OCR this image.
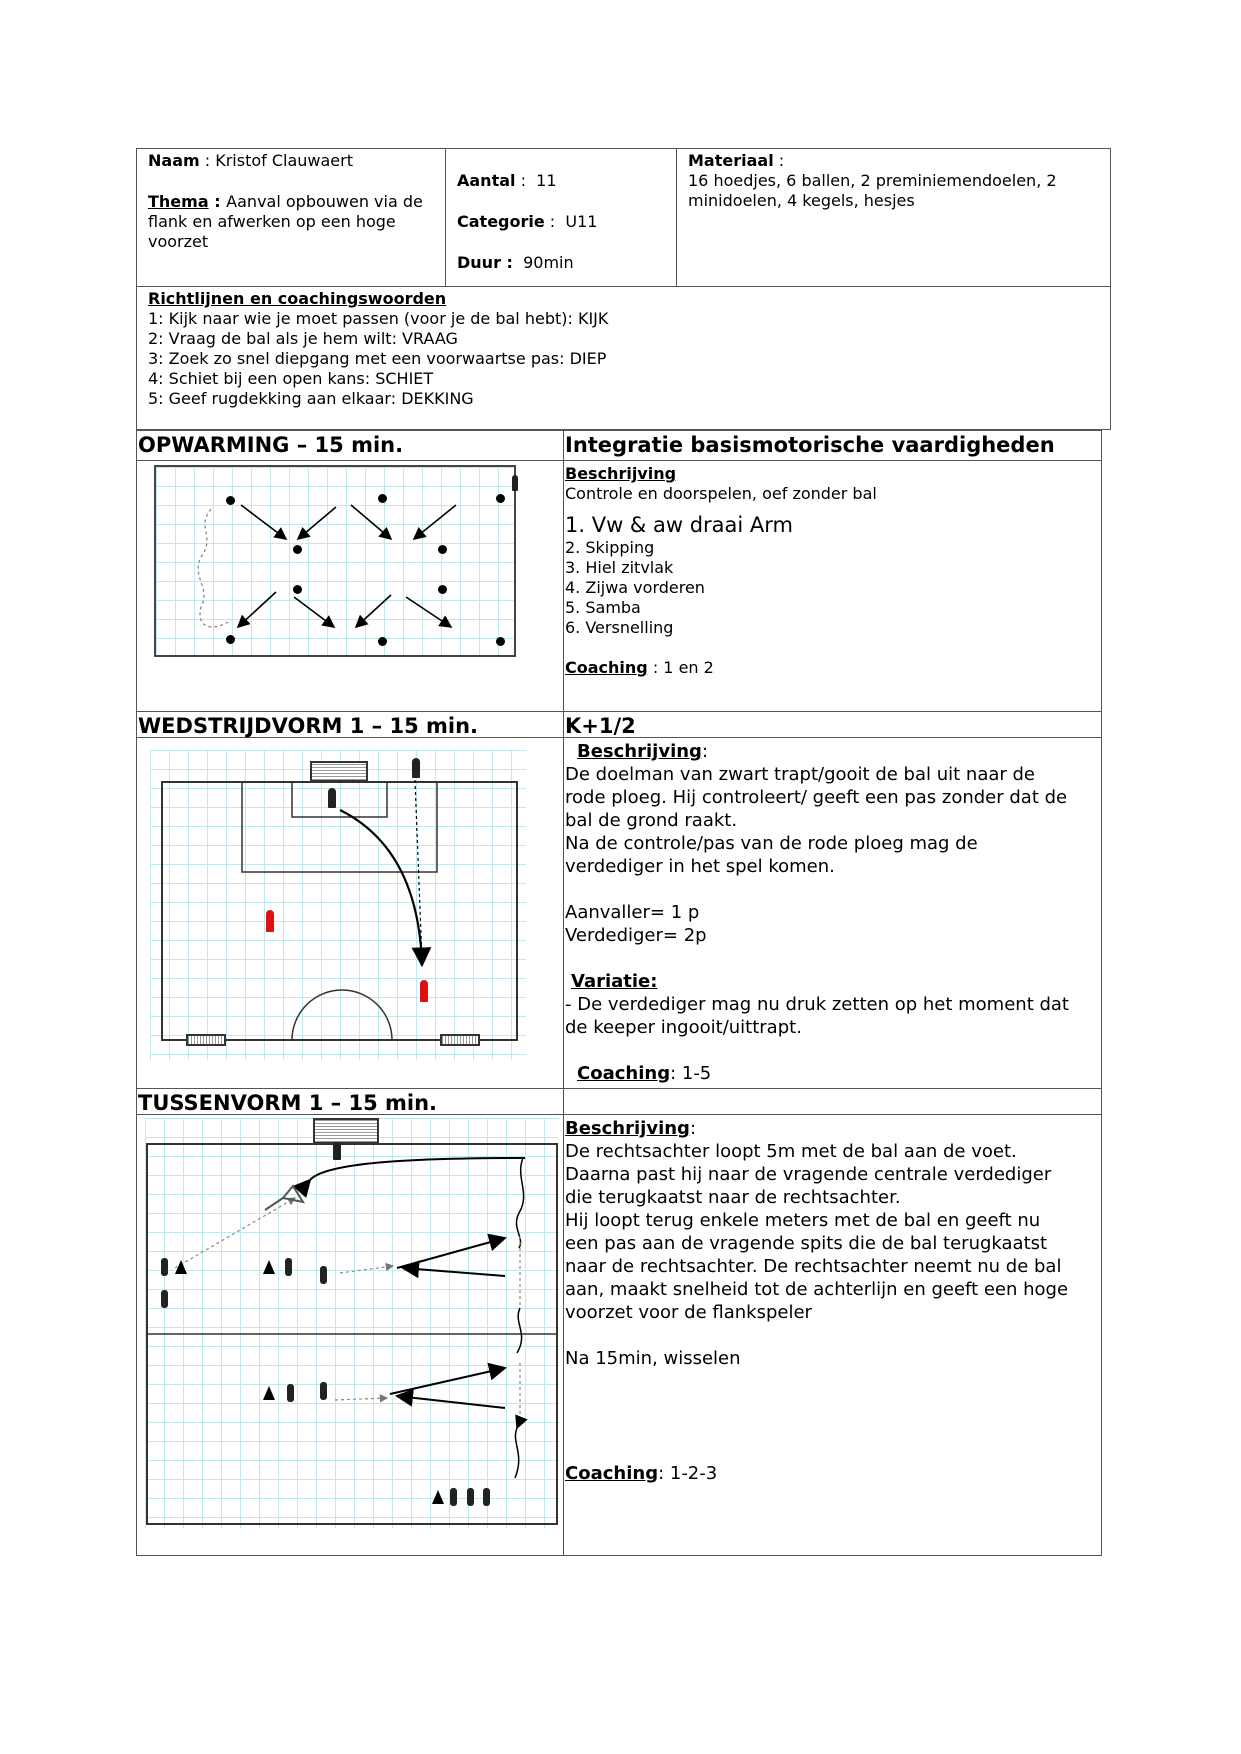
Naam : Kristof Clauwaert
Thema : Aanval opbouwen via de flank en afwerken op een hoge voorzet
Aantal :  11
Categorie :  U11
Duur : 90min
Materiaal :
16 hoedjes, 6 ballen, 2 preminiemendoelen, 2 minidoelen, 4 kegels, hesjes
Richtlijnen en coachingswoorden
1: Kijk naar wie je moet passen (voor je de bal hebt): KIJK
2: Vraag de bal als je hem wilt: VRAAG
3: Zoek zo snel diepgang met een voorwaartse pas: DIEP
4: Schiet bij een open kans: SCHIET
5: Geef rugdekking aan elkaar: DEKKING
OPWARMING – 15 min.	Integratie basismotorische vaardigheden
Beschrijving
Controle en doorspelen, oef zonder bal
1. Vw & aw draai Arm
2. Skipping
3. Hiel zitvlak
4. Zijwa vorderen
5. Samba
6. Versnelling
Coaching : 1 en 2
WEDSTRIJDVORM 1 – 15 min.	K+1/2
Beschrijving:
De doelman van zwart trapt/gooit de bal uit naar de
rode ploeg. Hij controleert/ geeft een pas zonder dat de
bal de grond raakt.
Na de controle/pas van de rode ploeg mag de
verdediger in het spel komen.
Aanvaller= 1 p
Verdediger= 2p
Variatie:
- De verdediger mag nu druk zetten op het moment dat
de keeper ingooit/uittrapt.
Coaching: 1-5
TUSSENVORM 1 – 15 min.
Beschrijving:
De rechtsachter loopt 5m met de bal aan de voet.
Daarna past hij naar de vragende centrale verdediger
die terugkaatst naar de rechtsachter.
Hij loopt terug enkele meters met de bal en geeft nu
een pas aan de vragende spits die de bal terugkaatst
naar de rechtsachter. De rechtsachter neemt nu de bal
aan, maakt snelheid tot de achterlijn en geeft een hoge
voorzet voor de flankspeler
Na 15min, wisselen
Coaching: 1-2-3
